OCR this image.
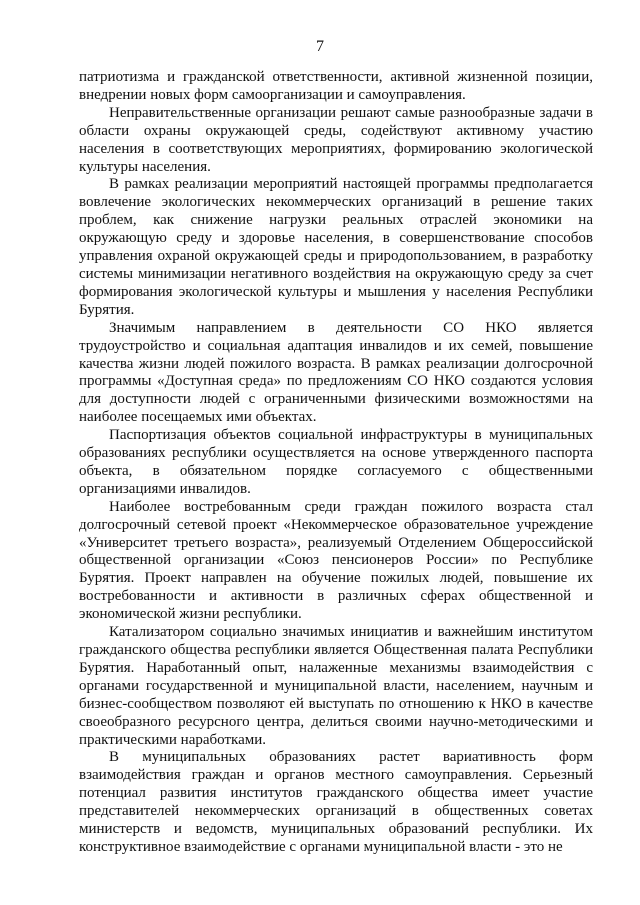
7

патриотизма и гражданской ответственности, активной жизненной позиции, внедрении новых форм самоорганизации и самоуправления.

Неправительственные организации решают самые разнообразные задачи в области охраны окружающей среды, содействуют активному участию населения в соответствующих мероприятиях, формированию экологической культуры населения.

В рамках реализации мероприятий настоящей программы предполагается вовлечение экологических некоммерческих организаций в решение таких проблем, как снижение нагрузки реальных отраслей экономики на окружающую среду и здоровье населения, в совершенствование способов управления охраной окружающей среды и природопользованием, в разработку системы минимизации негативного воздействия на окружающую среду за счет формирования экологической культуры и мышления у населения Республики Бурятия.

Значимым направлением в деятельности СО НКО является трудоустройство и социальная адаптация инвалидов и их семей, повышение качества жизни людей пожилого возраста. В рамках реализации долгосрочной программы «Доступная среда» по предложениям СО НКО создаются условия для доступности людей с ограниченными физическими возможностями на наиболее посещаемых ими объектах.

Паспортизация объектов социальной инфраструктуры в муниципальных образованиях республики осуществляется на основе утвержденного паспорта объекта, в обязательном порядке согласуемого с общественными организациями инвалидов.

Наиболее востребованным среди граждан пожилого возраста стал долгосрочный сетевой проект «Некоммерческое образовательное учреждение «Университет третьего возраста», реализуемый Отделением Общероссийской общественной организации «Союз пенсионеров России» по Республике Бурятия. Проект направлен на обучение пожилых людей, повышение их востребованности и активности в различных сферах общественной и экономической жизни республики.

Катализатором социально значимых инициатив и важнейшим институтом гражданского общества республики является Общественная палата Республики Бурятия. Наработанный опыт, налаженные механизмы взаимодействия с органами государственной и муниципальной власти, населением, научным и бизнес-сообществом позволяют ей выступать по отношению к НКО в качестве своеобразного ресурсного центра, делиться своими научно-методическими и практическими наработками.

В муниципальных образованиях растет вариативность форм взаимодействия граждан и органов местного самоуправления. Серьезный потенциал развития институтов гражданского общества имеет участие представителей некоммерческих организаций в общественных советах министерств и ведомств, муниципальных образований республики. Их конструктивное взаимодействие с органами муниципальной власти - это не
